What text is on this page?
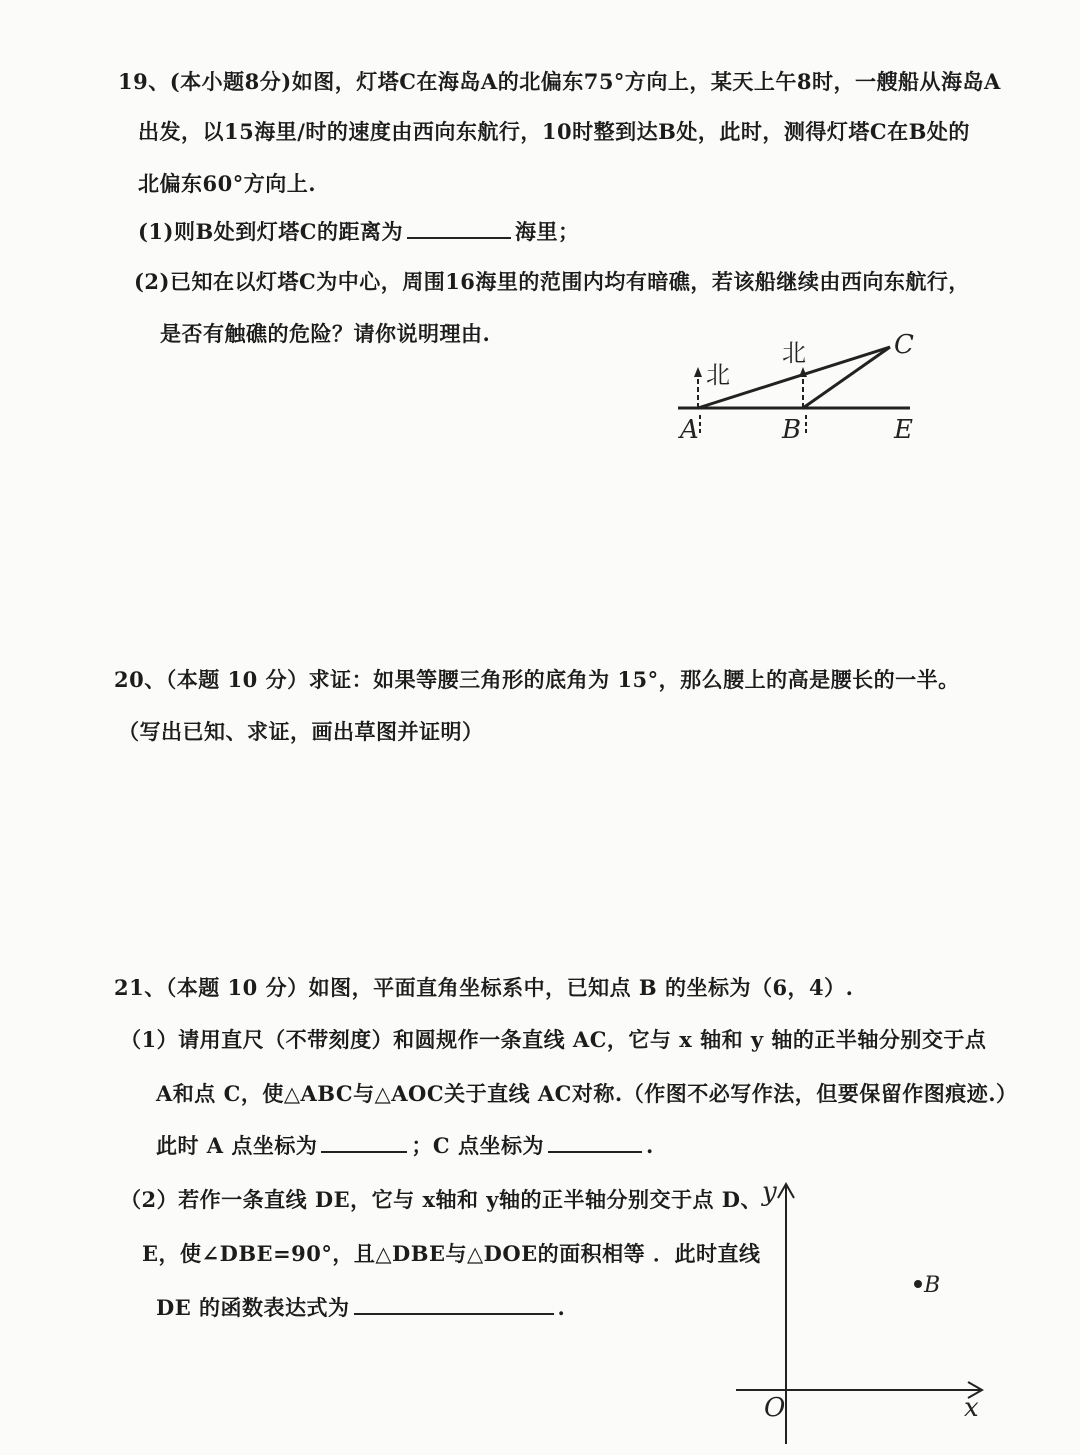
19、(本小题8分)如图，灯塔C在海岛A的北偏东75°方向上，某天上午8时，一艘船从海岛A
出发，以15海里/时的速度由西向东航行，10时整到达B处，此时，测得灯塔C在B处的
北偏东60°方向上.
(1)则B处到灯塔C的距离为	海里；
(2)已知在以灯塔C为中心，周围16海里的范围内均有暗礁，若该船继续由西向东航行，
是否有触礁的危险？请你说明理由.
北
北	C
A	B	E
20、（本题 10 分）求证：如果等腰三角形的底角为 15°，那么腰上的高是腰长的一半。
（写出已知、求证，画出草图并证明）
21、（本题 10 分）如图，平面直角坐标系中，已知点 B 的坐标为（6，4）.
（1）请用直尺（不带刻度）和圆规作一条直线 AC，它与 x 轴和 y 轴的正半轴分别交于点
A和点 C，使△ABC与△AOC关于直线 AC对称.（作图不必写作法，但要保留作图痕迹.）
此时 A 点坐标为	；C 点坐标为	.
（2）若作一条直线 DE，它与 x轴和 y轴的正半轴分别交于点 D、
E，使∠DBE=90°，且△DBE与△DOE的面积相等 ．此时直线
DE 的函数表达式为	.
y
x
O
B
